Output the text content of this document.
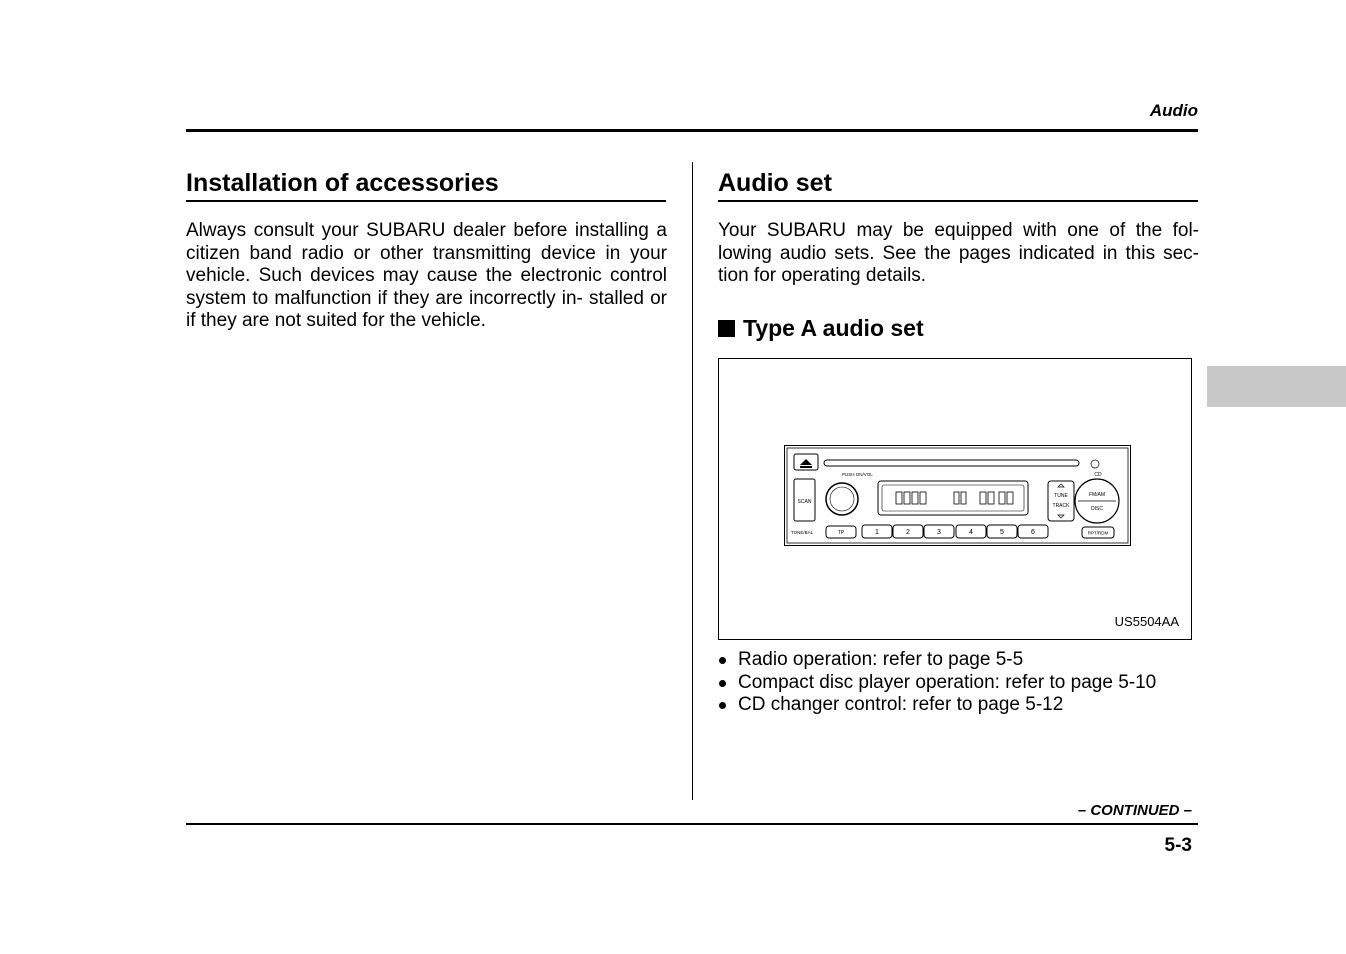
Audio
Installation of accessories

Always consult your SUBARU dealer before installing a citizen band radio or other transmitting device in your vehicle. Such devices may cause the electronic control system to malfunction if they are incorrectly in- stalled or if they are not suited for the vehicle.

Audio set

Your SUBARU may be equipped with one of the fol- lowing audio sets. See the pages indicated in this sec- tion for operating details.

Type A audio set
CD
PUSH ON/VOL
SCAN
TUNE
TRACK
FM/AM
DISC
TONE/BAL	TP	1	2	3	4	5	6	RPT/RDM
US5504AA
Radio operation: refer to page 5-5
Compact disc player operation: refer to page 5-10
CD changer control: refer to page 5-12
– CONTINUED –
5-3
